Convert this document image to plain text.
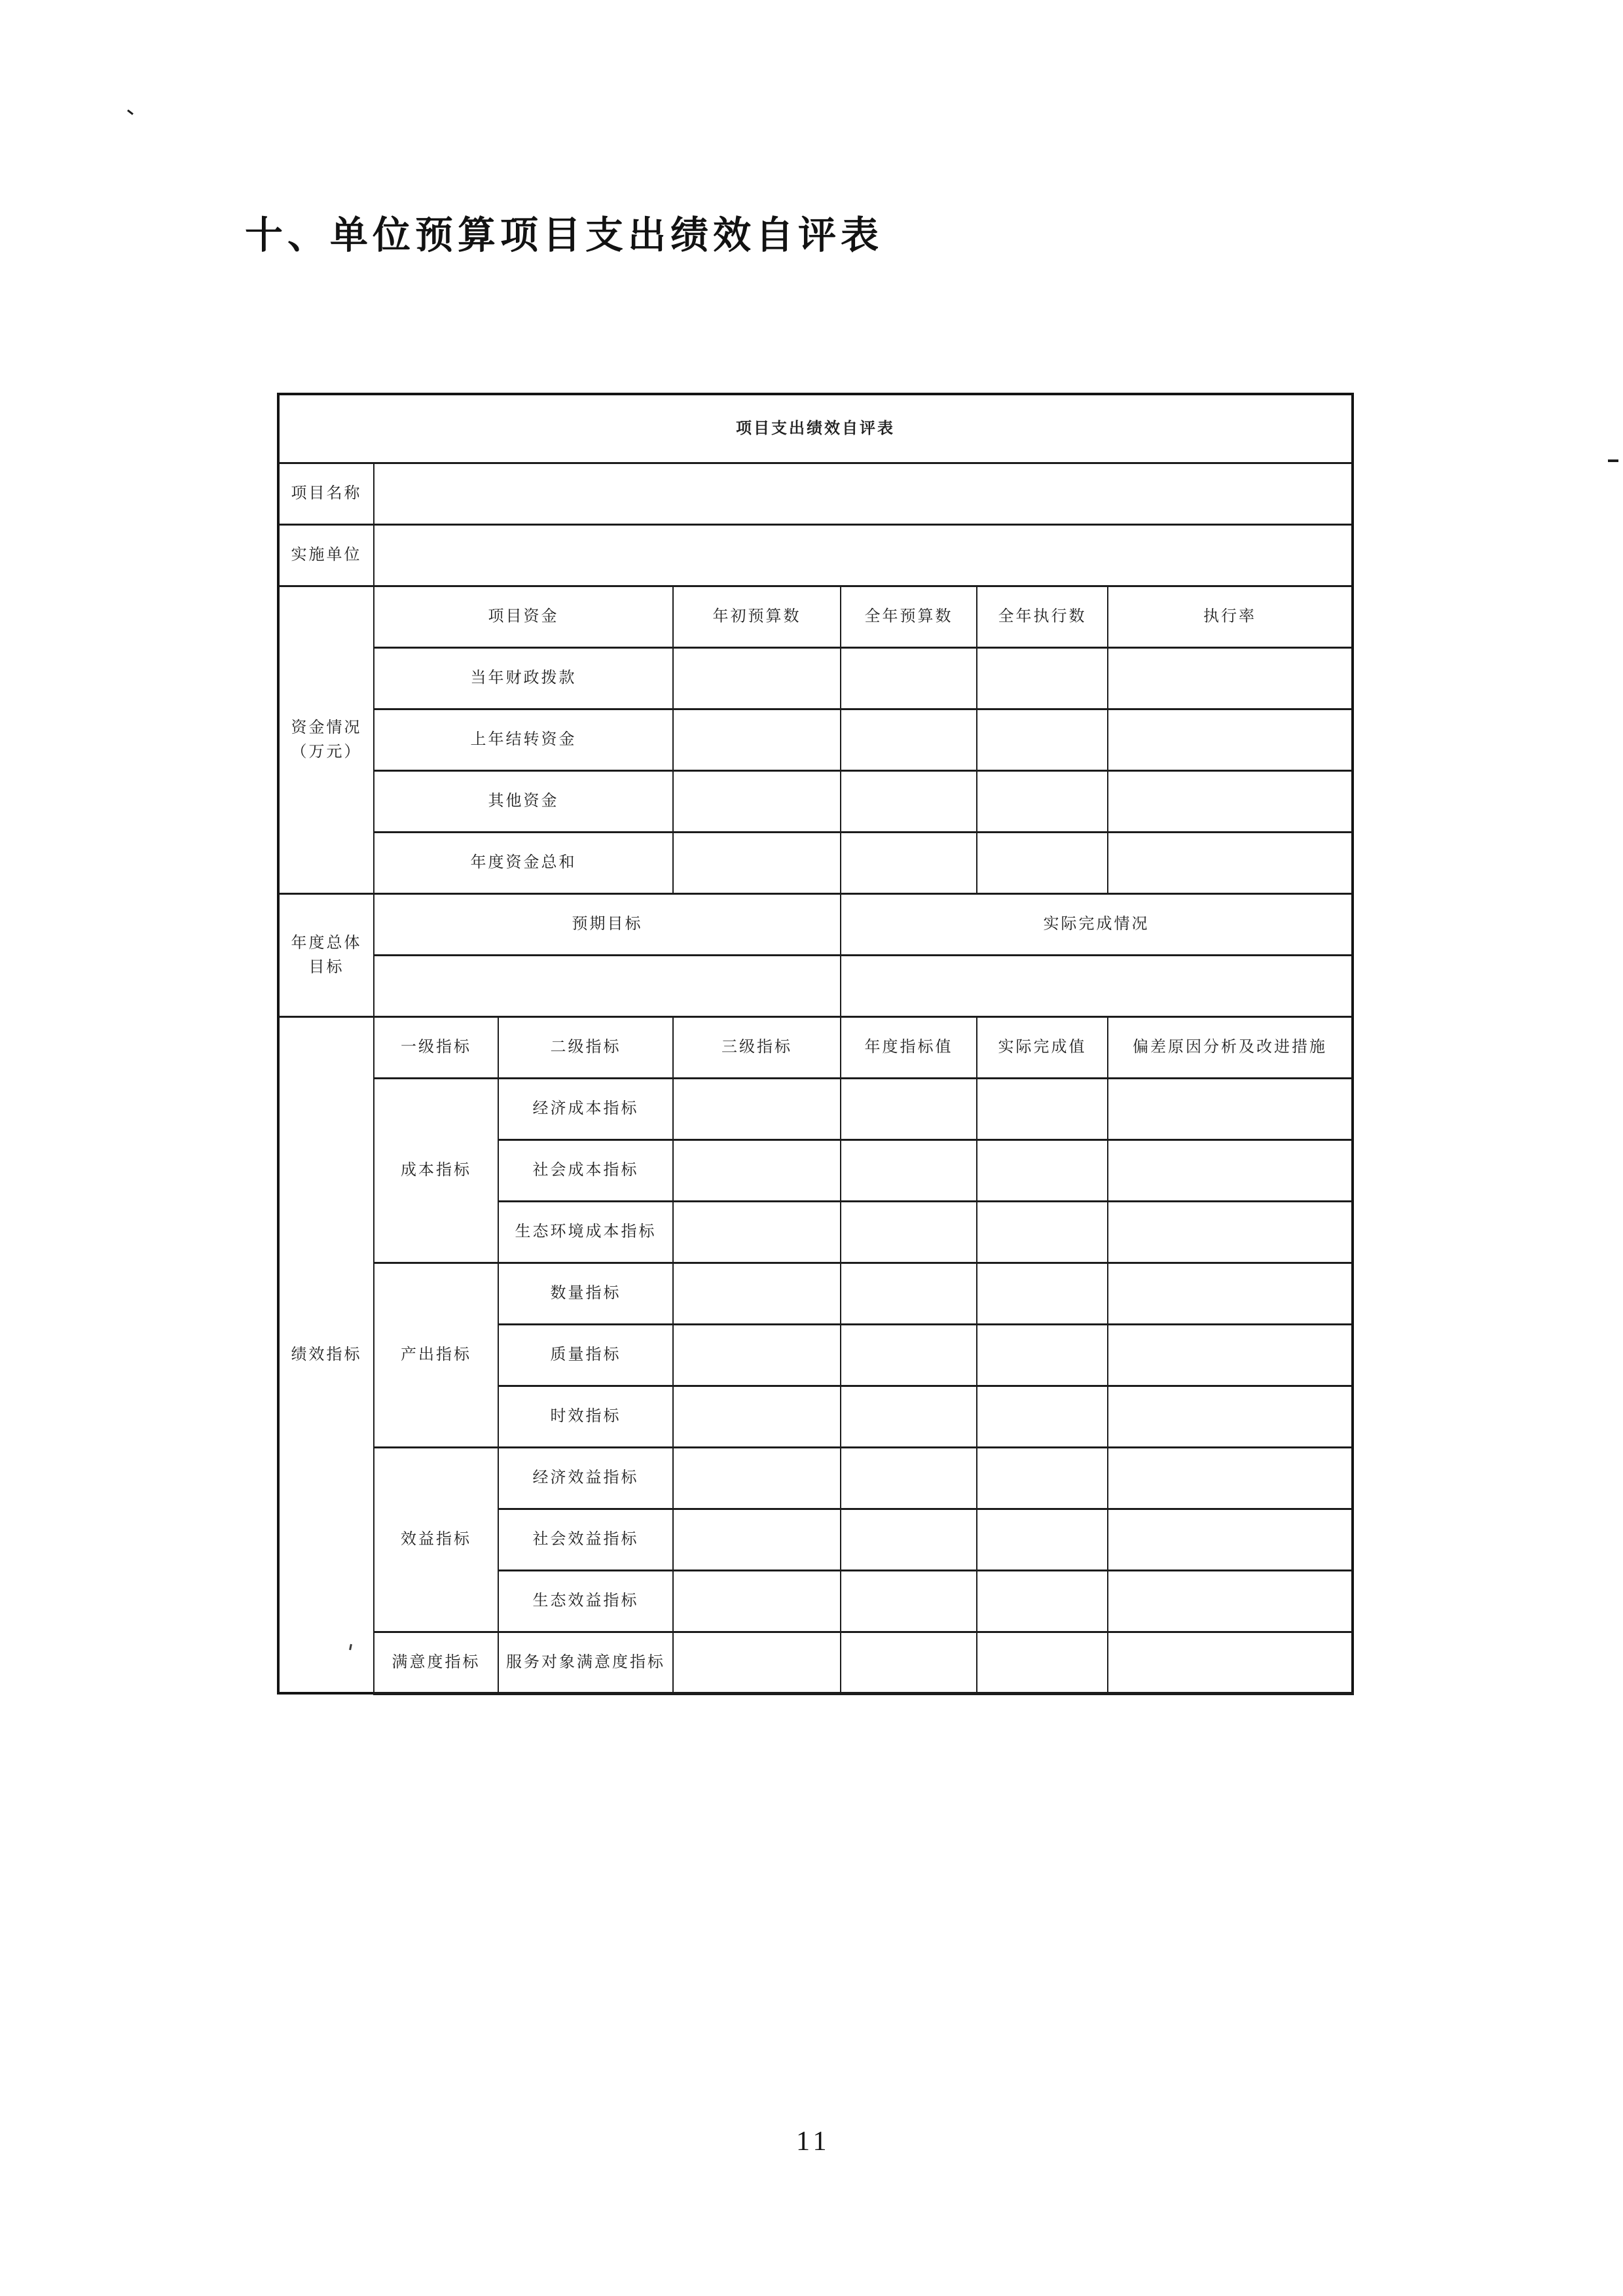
十、单位预算项目支出绩效自评表
项目支出绩效自评表						
项目名称						
实施单位						
资金情况（万元）	项目资金		年初预算数	全年预算数	全年执行数	执行率
	当年财政拨款					
	上年结转资金					
	其他资金					
	年度资金总和					
年度总体目标	预期目标			实际完成情况		

绩效指标	一级指标	二级指标	三级指标	年度指标值	实际完成值	偏差原因分析及改进措施
	成本指标	经济成本指标				
		社会成本指标				
		生态环境成本指标				
	产出指标	数量指标				
		质量指标				
		时效指标				
	效益指标	经济效益指标				
		社会效益指标				
		生态效益指标				
	满意度指标	服务对象满意度指标				
11
